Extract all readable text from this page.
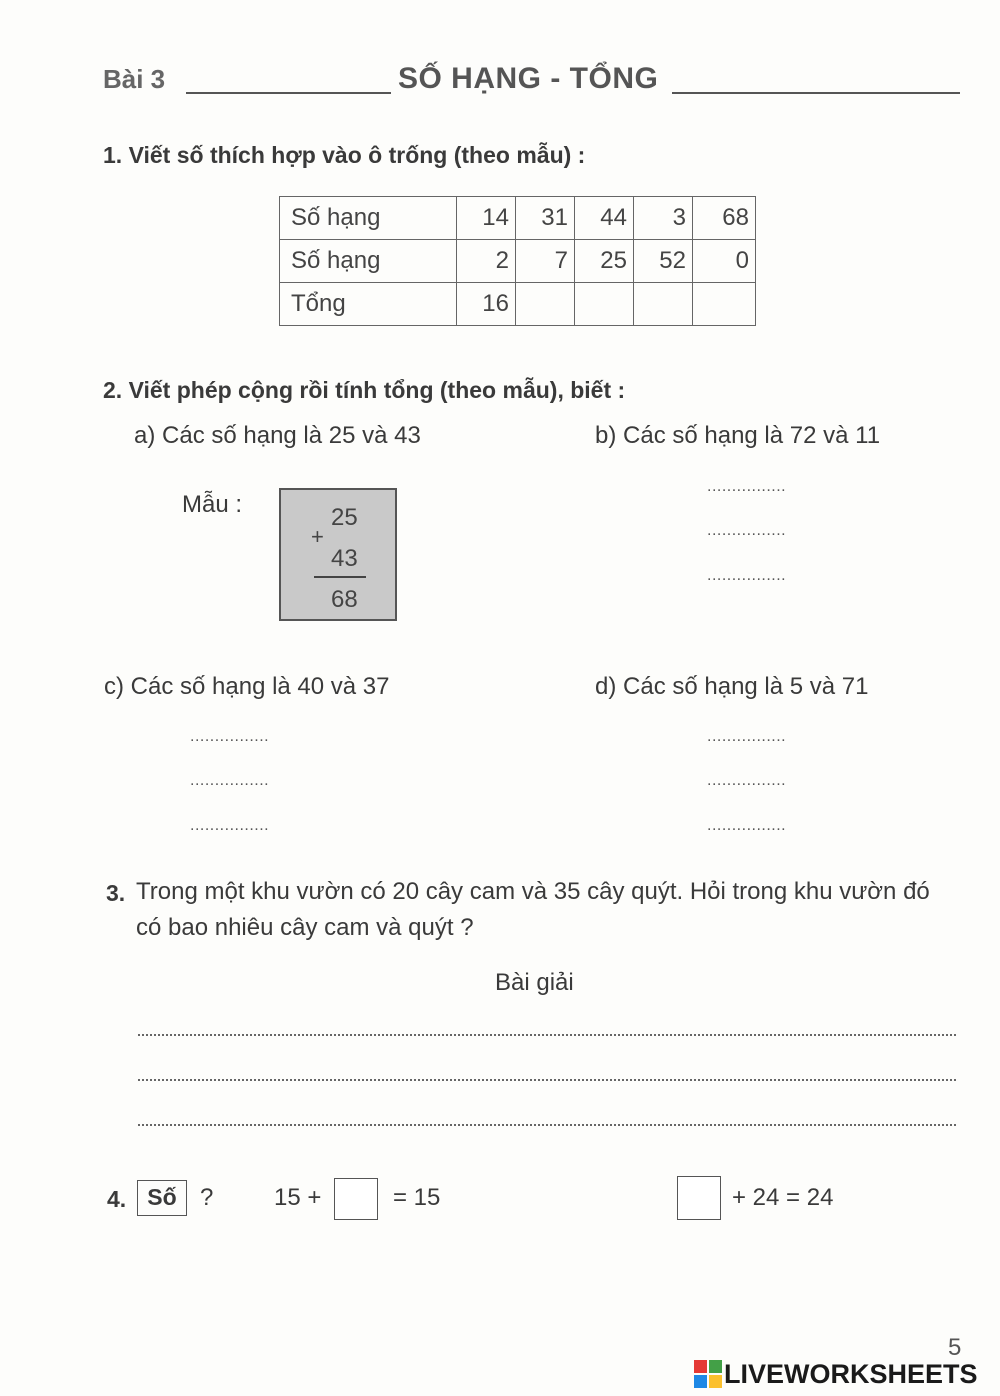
Bài 3	SỐ HẠNG - TỔNG
1. Viết số thích hợp vào ô trống (theo mẫu) :
Số hạng	14	31	44	3	68
Số hạng	2	7	25	52	0
Tổng	16				
2. Viết phép cộng rồi tính tổng (theo mẫu), biết :
a) Các số hạng là 25 và 43	b) Các số hạng là 72 và 11
Mẫu :	25
+
43
68
................
................
................
c) Các số hạng là 40 và 37	d) Các số hạng là 5 và 71
................
................
................
................
................
................
3. Trong một khu vườn có 20 cây cam và 35 cây quýt. Hỏi trong khu vườn đó
có bao nhiêu cây cam và quýt ?
Bài giải
4. Số ?	15 +	= 15	+ 24 = 24
5
LIVEWORKSHEETS
